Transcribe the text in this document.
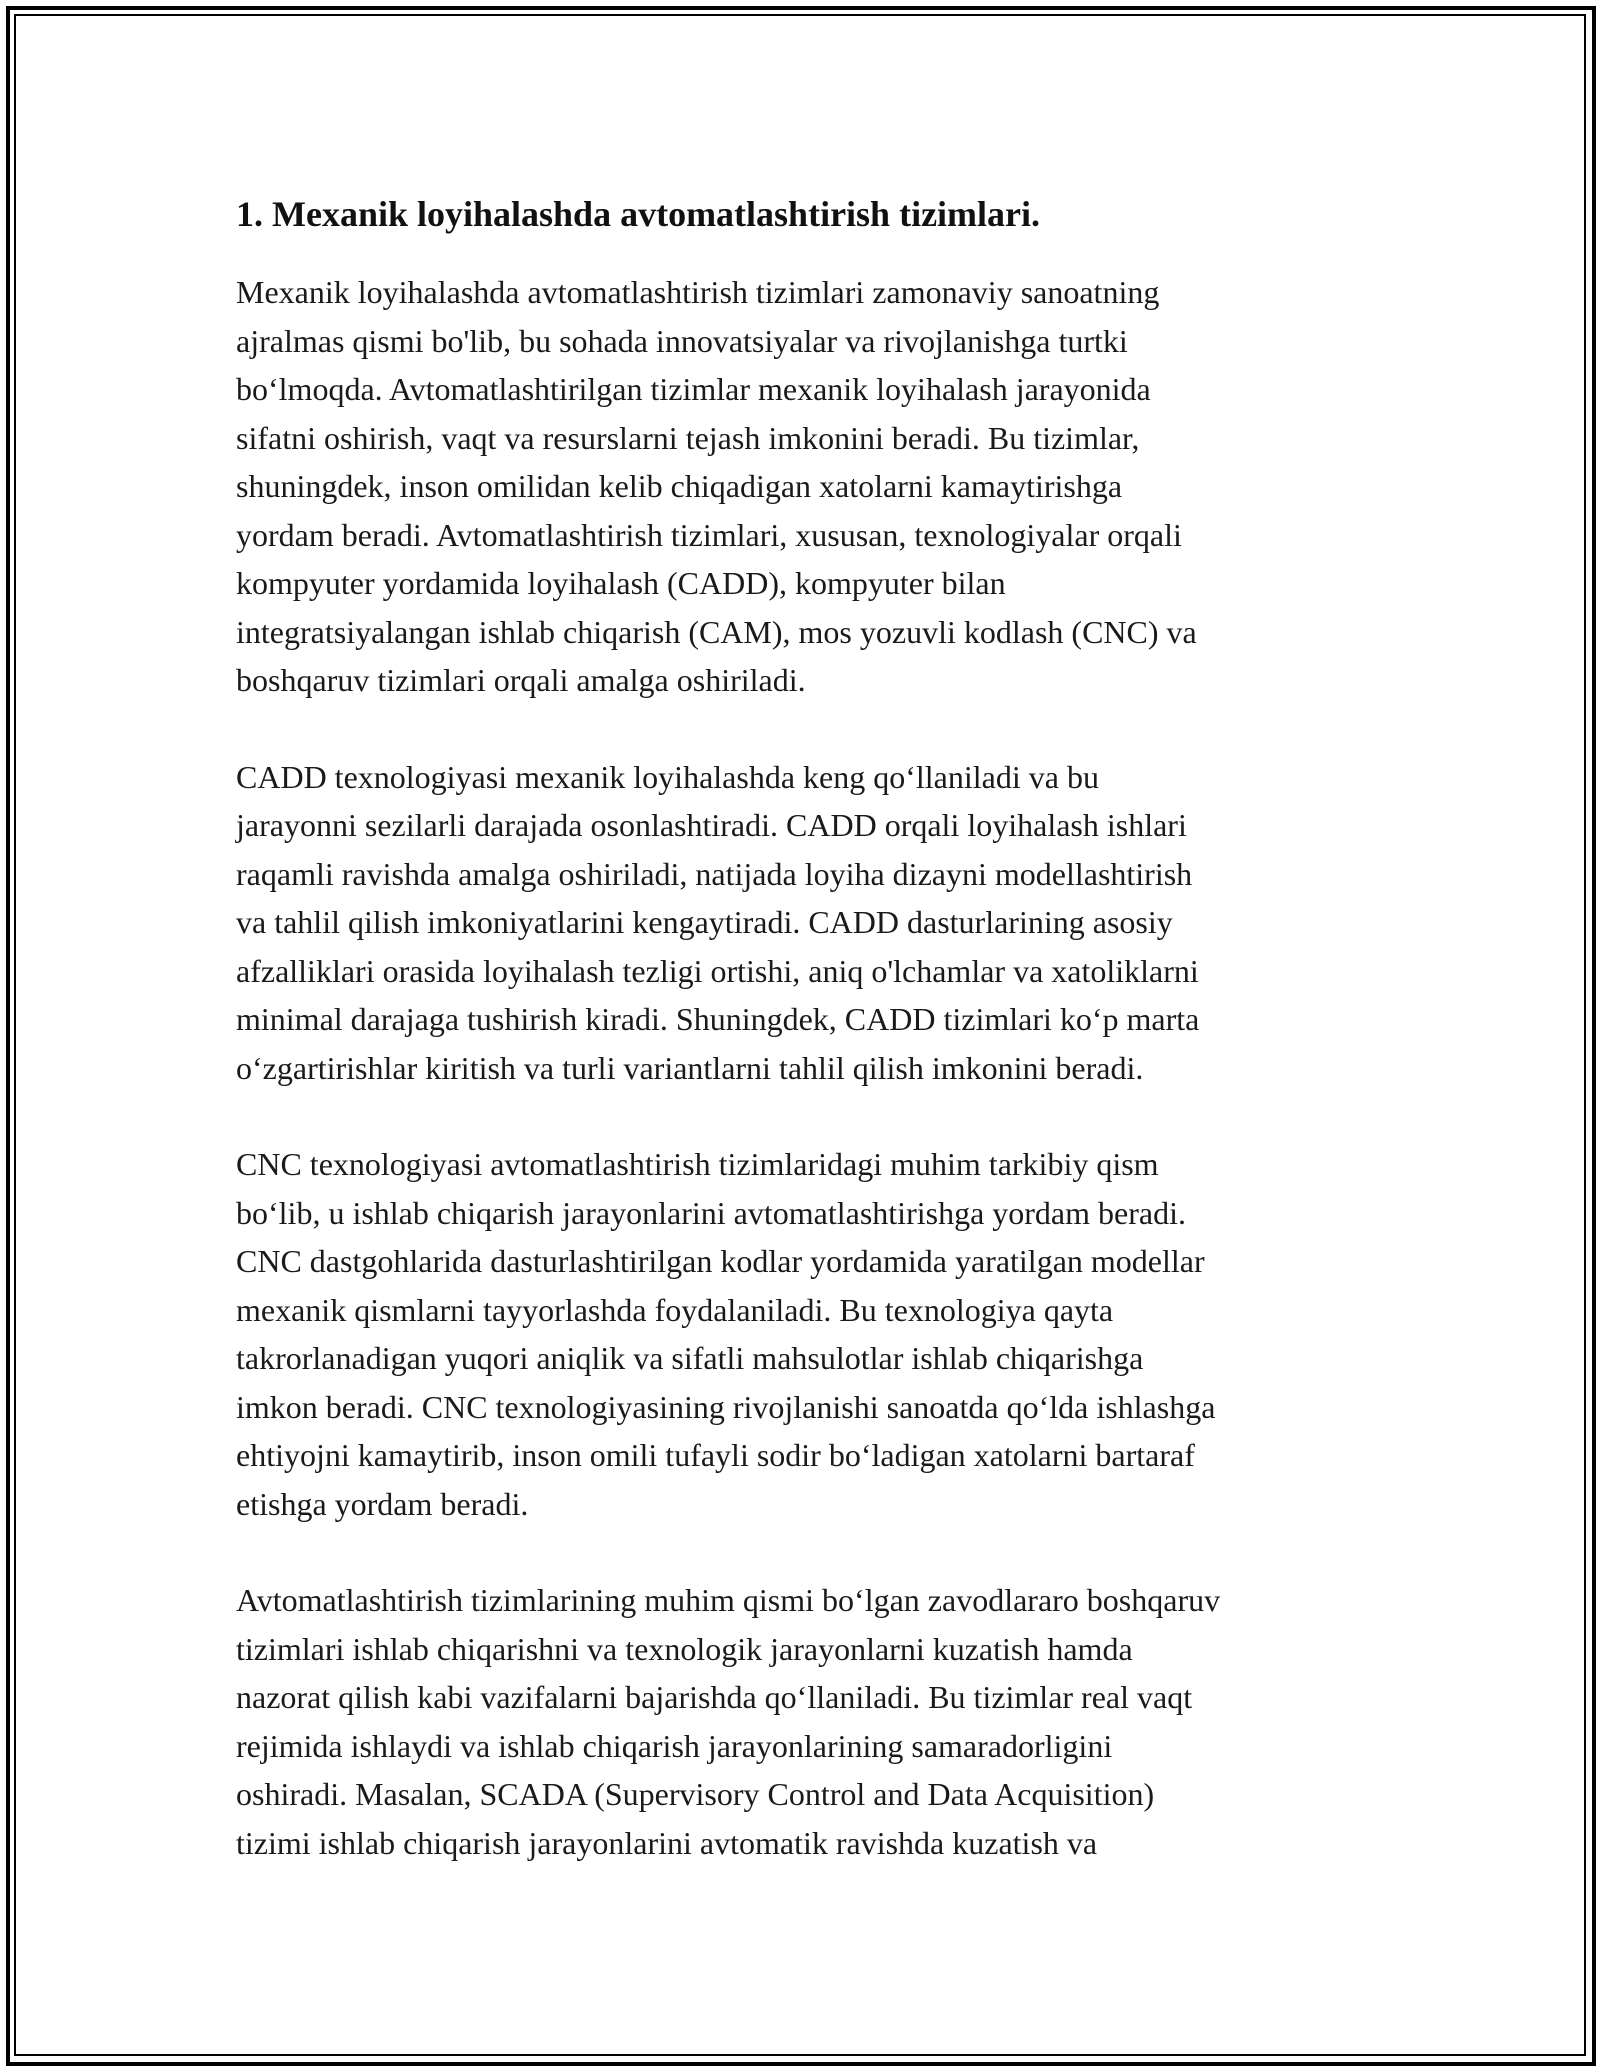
1. Mexanik loyihalashda avtomatlashtirish tizimlari.

Mexanik loyihalashda avtomatlashtirish tizimlari zamonaviy sanoatning
ajralmas qismi bo'lib, bu sohada innovatsiyalar va rivojlanishga turtki
bo‘lmoqda. Avtomatlashtirilgan tizimlar mexanik loyihalash jarayonida
sifatni oshirish, vaqt va resurslarni tejash imkonini beradi. Bu tizimlar,
shuningdek, inson omilidan kelib chiqadigan xatolarni kamaytirishga
yordam beradi. Avtomatlashtirish tizimlari, xususan, texnologiyalar orqali
kompyuter yordamida loyihalash (CADD), kompyuter bilan
integratsiyalangan ishlab chiqarish (CAM), mos yozuvli kodlash (CNC) va
boshqaruv tizimlari orqali amalga oshiriladi.

CADD texnologiyasi mexanik loyihalashda keng qo‘llaniladi va bu
jarayonni sezilarli darajada osonlashtiradi. CADD orqali loyihalash ishlari
raqamli ravishda amalga oshiriladi, natijada loyiha dizayni modellashtirish
va tahlil qilish imkoniyatlarini kengaytiradi. CADD dasturlarining asosiy
afzalliklari orasida loyihalash tezligi ortishi, aniq o'lchamlar va xatoliklarni
minimal darajaga tushirish kiradi. Shuningdek, CADD tizimlari ko‘p marta
o‘zgartirishlar kiritish va turli variantlarni tahlil qilish imkonini beradi.

CNC texnologiyasi avtomatlashtirish tizimlaridagi muhim tarkibiy qism
bo‘lib, u ishlab chiqarish jarayonlarini avtomatlashtirishga yordam beradi.
CNC dastgohlarida dasturlashtirilgan kodlar yordamida yaratilgan modellar
mexanik qismlarni tayyorlashda foydalaniladi. Bu texnologiya qayta
takrorlanadigan yuqori aniqlik va sifatli mahsulotlar ishlab chiqarishga
imkon beradi. CNC texnologiyasining rivojlanishi sanoatda qo‘lda ishlashga
ehtiyojni kamaytirib, inson omili tufayli sodir bo‘ladigan xatolarni bartaraf
etishga yordam beradi.

Avtomatlashtirish tizimlarining muhim qismi bo‘lgan zavodlararo boshqaruv
tizimlari ishlab chiqarishni va texnologik jarayonlarni kuzatish hamda
nazorat qilish kabi vazifalarni bajarishda qo‘llaniladi. Bu tizimlar real vaqt
rejimida ishlaydi va ishlab chiqarish jarayonlarining samaradorligini
oshiradi. Masalan, SCADA (Supervisory Control and Data Acquisition)
tizimi ishlab chiqarish jarayonlarini avtomatik ravishda kuzatish va
